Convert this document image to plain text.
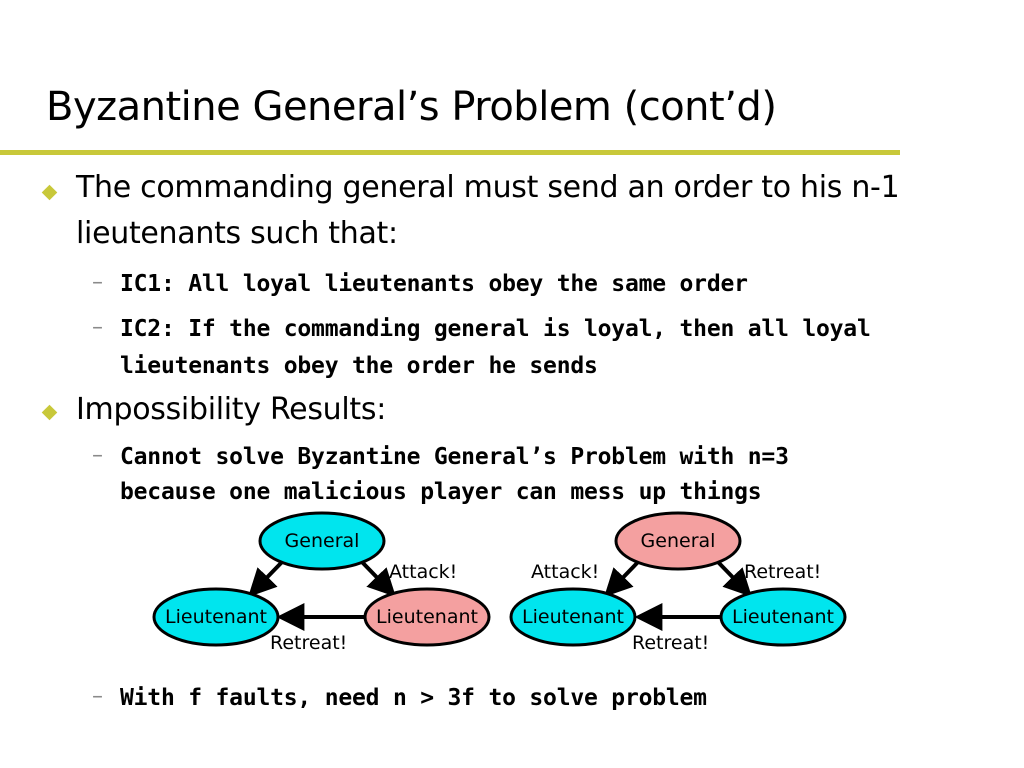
Byzantine General’s Problem (cont’d)
The commanding general must send an order to his n-1
lieutenants such that:
– IC1: All loyal lieutenants obey the same order
– IC2: If the commanding general is loyal, then all loyal
lieutenants obey the order he sends
Impossibility Results:
– Cannot solve Byzantine General’s Problem with n=3
because one malicious player can mess up things
General
Lieutenant	Lieutenant
Attack!
Retreat!
General
Lieutenant	Lieutenant
Attack!	Retreat!
Retreat!
– With f faults, need n > 3f to solve problem
